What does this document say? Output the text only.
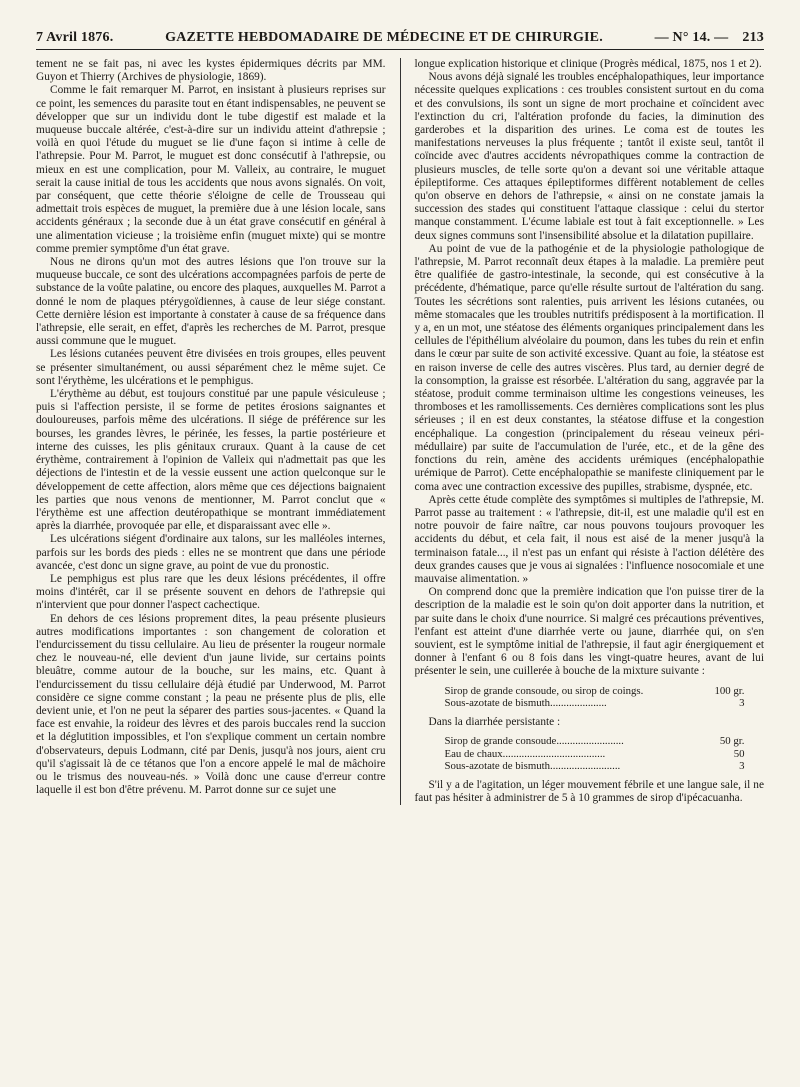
7 Avril 1876.	GAZETTE HEBDOMADAIRE DE MÉDECINE ET DE CHIRURGIE.	— N° 14. — 213

tement ne se fait pas, ni avec les kystes épidermiques décrits par MM. Guyon et Thierry (Archives de physiologie, 1869).

Comme le fait remarquer M. Parrot, en insistant à plusieurs reprises sur ce point, les semences du parasite tout en étant indispensables, ne peuvent se développer que sur un individu dont le tube digestif est malade et la muqueuse buccale altérée, c'est-à-dire sur un individu atteint d'athrepsie ; voilà en quoi l'étude du muguet se lie d'une façon si intime à celle de l'athrepsie. Pour M. Parrot, le muguet est donc consécutif à l'athrepsie, ou mieux en est une complication, pour M. Valleix, au contraire, le muguet serait la cause initial de tous les accidents que nous avons signalés. On voit, par conséquent, que cette théorie s'éloigne de celle de Trousseau qui admettait trois espèces de muguet, la première due à une lésion locale, sans accidents généraux ; la seconde due à un état grave consécutif en général à une alimentation vicieuse ; la troisième enfin (muguet mixte) qui se montre comme premier symptôme d'un état grave.

Nous ne dirons qu'un mot des autres lésions que l'on trouve sur la muqueuse buccale, ce sont des ulcérations accompagnées parfois de perte de substance de la voûte palatine, ou encore des plaques, auxquelles M. Parrot a donné le nom de plaques ptérygoïdiennes, à cause de leur siége constant. Cette dernière lésion est importante à constater à cause de sa fréquence dans l'athrepsie, elle serait, en effet, d'après les recherches de M. Parrot, presque aussi commune que le muguet.

Les lésions cutanées peuvent être divisées en trois groupes, elles peuvent se présenter simultanément, ou aussi séparément chez le même sujet. Ce sont l'érythème, les ulcérations et le pemphigus.

L'érythème au début, est toujours constitué par une papule vésiculeuse ; puis si l'affection persiste, il se forme de petites érosions saignantes et douloureuses, parfois même des ulcérations. Il siége de préférence sur les bourses, les grandes lèvres, le périnée, les fesses, la partie postérieure et interne des cuisses, les plis génitaux cruraux. Quant à la cause de cet érythème, contrairement à l'opinion de Valleix qui n'admettait pas que les déjections de l'intestin et de la vessie eussent une action quelconque sur le développement de cette affection, alors même que ces déjections baignaient les parties que nous venons de mentionner, M. Parrot conclut que « l'érythème est une affection deutéropathique se montrant immédiatement après la diarrhée, provoquée par elle, et disparaissant avec elle ».

Les ulcérations siégent d'ordinaire aux talons, sur les malléoles internes, parfois sur les bords des pieds : elles ne se montrent que dans une période avancée, c'est donc un signe grave, au point de vue du pronostic.

Le pemphigus est plus rare que les deux lésions précédentes, il offre moins d'intérêt, car il se présente souvent en dehors de l'athrepsie qui n'intervient que pour donner l'aspect cachectique.

En dehors de ces lésions proprement dites, la peau présente plusieurs autres modifications importantes : son changement de coloration et l'endurcissement du tissu cellulaire. Au lieu de présenter la rougeur normale chez le nouveau-né, elle devient d'un jaune livide, sur certains points bleuâtre, comme autour de la bouche, sur les mains, etc. Quant à l'endurcissement du tissu cellulaire déjà étudié par Underwood, M. Parrot considère ce signe comme constant ; la peau ne présente plus de plis, elle devient unie, et l'on ne peut la séparer des parties sous-jacentes. « Quand la face est envahie, la roideur des lèvres et des parois buccales rend la succion et la déglutition impossibles, et l'on s'explique comment un certain nombre d'observateurs, depuis Lodmann, cité par Denis, jusqu'à nos jours, aient cru qu'il s'agissait là de ce tétanos que l'on a encore appelé le mal de mâchoire ou le trismus des nouveau-nés. » Voilà donc une cause d'erreur contre laquelle il est bon d'être prévenu. M. Parrot donne sur ce sujet une

longue explication historique et clinique (Progrès médical, 1875, nos 1 et 2).

Nous avons déjà signalé les troubles encéphalopathiques, leur importance nécessite quelques explications : ces troubles consistent surtout en du coma et des convulsions, ils sont un signe de mort prochaine et coïncident avec l'extinction du cri, l'altération profonde du facies, la diminution des garderobes et la disparition des urines. Le coma est de toutes les manifestations nerveuses la plus fréquente ; tantôt il existe seul, tantôt il coïncide avec d'autres accidents névropathiques comme la contraction de plusieurs muscles, de telle sorte qu'on a devant soi une véritable attaque épileptiforme. Ces attaques épileptiformes diffèrent notablement de celles qu'on observe en dehors de l'athrepsie, « ainsi on ne constate jamais la succession des stades qui constituent l'attaque classique : celui du stertor manque constamment. L'écume labiale est tout à fait exceptionnelle. » Les deux signes communs sont l'insensibilité absolue et la dilatation pupillaire.

Au point de vue de la pathogénie et de la physiologie pathologique de l'athrepsie, M. Parrot reconnaît deux étapes à la maladie. La première peut être qualifiée de gastro-intestinale, la seconde, qui est consécutive à la précédente, d'hématique, parce qu'elle résulte surtout de l'altération du sang. Toutes les sécrétions sont ralenties, puis arrivent les lésions cutanées, ou même stomacales que les troubles nutritifs prédisposent à la mortification. Il y a, en un mot, une stéatose des éléments organiques principalement dans les cellules de l'épithélium alvéolaire du poumon, dans les tubes du rein et enfin dans le cœur par suite de son activité excessive. Quant au foie, la stéatose est en raison inverse de celle des autres viscères. Plus tard, au dernier degré de la consomption, la graisse est résorbée. L'altération du sang, aggravée par la stéatose, produit comme terminaison ultime les congestions veineuses, les thromboses et les ramollissements. Ces dernières complications sont les plus sérieuses ; il en est deux constantes, la stéatose diffuse et la congestion encéphalique. La congestion (principalement du réseau veineux péri-médullaire) par suite de l'accumulation de l'urée, etc., et de la gêne des fonctions du rein, amène des accidents urémiques (encéphalopathie urémique de Parrot). Cette encéphalopathie se manifeste cliniquement par le coma avec une contraction excessive des pupilles, strabisme, dyspnée, etc.

Après cette étude complète des symptômes si multiples de l'athrepsie, M. Parrot passe au traitement : « l'athrepsie, dit-il, est une maladie qu'il est en notre pouvoir de faire naître, car nous pouvons toujours provoquer les accidents du début, et cela fait, il nous est aisé de la mener jusqu'à la terminaison fatale..., il n'est pas un enfant qui résiste à l'action délétère des deux grandes causes que je vous ai signalées : l'influence nosocomiale et une mauvaise alimentation. »

On comprend donc que la première indication que l'on puisse tirer de la description de la maladie est le soin qu'on doit apporter dans la nutrition, et par suite dans le choix d'une nourrice. Si malgré ces précautions préventives, l'enfant est atteint d'une diarrhée verte ou jaune, diarrhée qui, on s'en souvient, est le symptôme initial de l'athrepsie, il faut agir énergiquement et donner à l'enfant 6 ou 8 fois dans les vingt-quatre heures, avant de lui présenter le sein, une cuillerée à bouche de la mixture suivante :

Sirop de grande consoude, ou sirop de coings.	100 gr.
Sous-azotate de bismuth.....................	3
Dans la diarrhée persistante :
Sirop de grande consoude.........................	50 gr.
Eau de chaux......................................	50
Sous-azotate de bismuth..........................	3

S'il y a de l'agitation, un léger mouvement fébrile et une langue sale, il ne faut pas hésiter à administrer de 5 à 10 grammes de sirop d'ipécacuanha.
